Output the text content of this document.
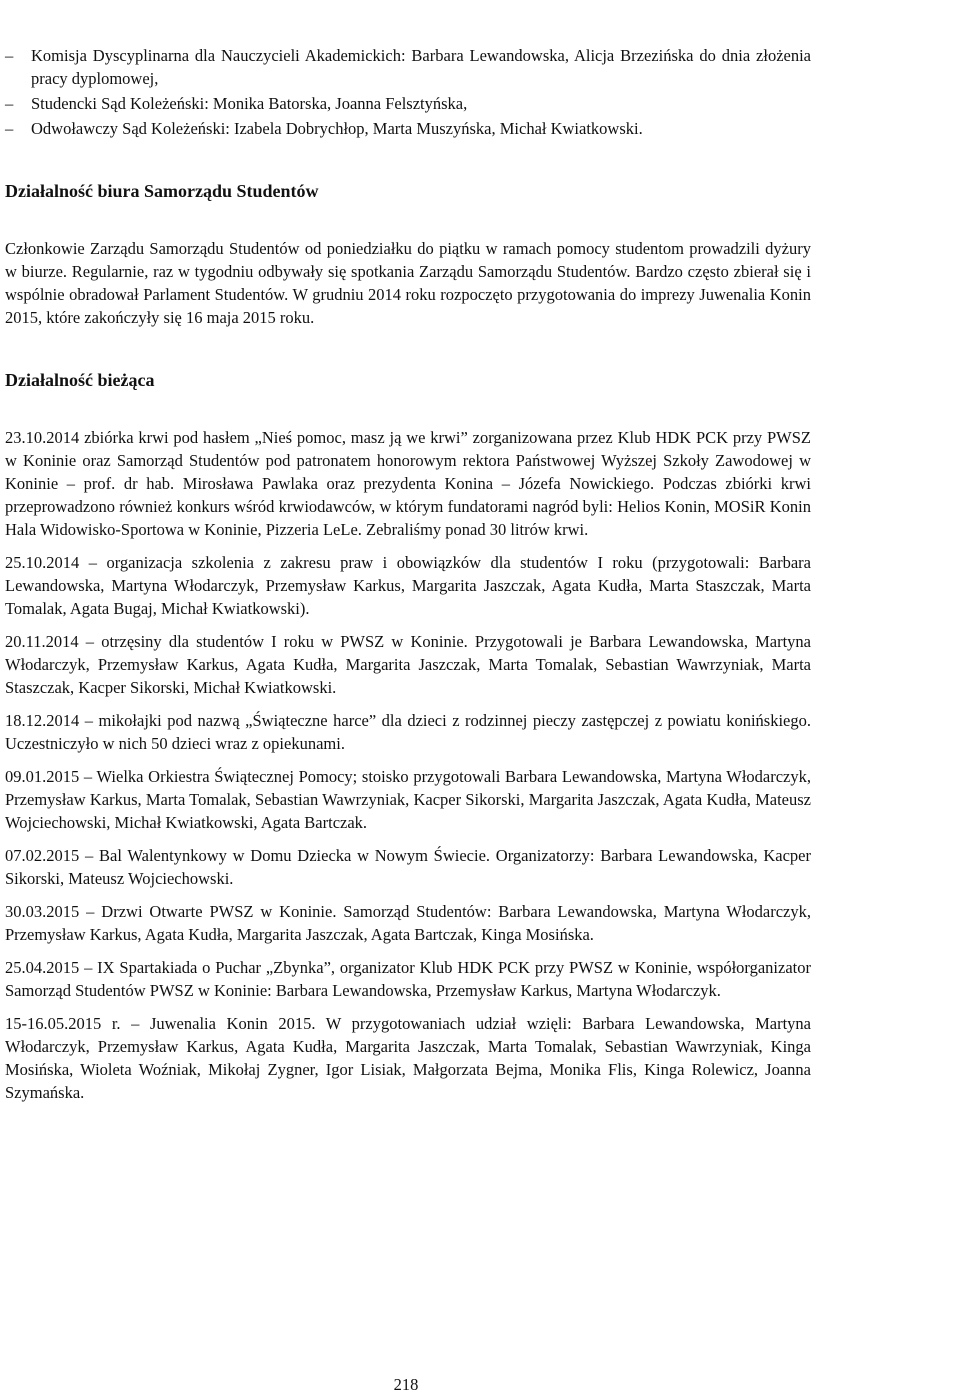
– Komisja Dyscyplinarna dla Nauczycieli Akademickich: Barbara Lewandowska, Alicja Brzezińska do dnia złożenia pracy dyplomowej,
– Studencki Sąd Koleżeński: Monika Batorska, Joanna Felsztyńska,
– Odwoławczy Sąd Koleżeński: Izabela Dobrychłop, Marta Muszyńska, Michał Kwiatkowski.
Działalność biura Samorządu Studentów

Członkowie Zarządu Samorządu Studentów od poniedziałku do piątku w ramach pomocy studentom prowadzili dyżury w biurze. Regularnie, raz w tygodniu odbywały się spotkania Zarządu Samorządu Studentów. Bardzo często zbierał się i wspólnie obradował Parlament Studentów. W grudniu 2014 roku rozpoczęto przygotowania do imprezy Juwenalia Konin 2015, które zakończyły się 16 maja 2015 roku.

Działalność bieżąca

23.10.2014 zbiórka krwi pod hasłem „Nieś pomoc, masz ją we krwi” zorganizowana przez Klub HDK PCK przy PWSZ w Koninie oraz Samorząd Studentów pod patronatem honorowym rektora Państwowej Wyższej Szkoły Zawodowej w Koninie – prof. dr hab. Mirosława Pawlaka oraz prezydenta Konina – Józefa Nowickiego. Podczas zbiórki krwi przeprowadzono również konkurs wśród krwiodawców, w którym fundatorami nagród byli: Helios Konin, MOSiR Konin Hala Widowisko-Sportowa w Koninie, Pizzeria LeLe. Zebraliśmy ponad 30 litrów krwi.

25.10.2014 – organizacja szkolenia z zakresu praw i obowiązków dla studentów I roku (przygotowali: Barbara Lewandowska, Martyna Włodarczyk, Przemysław Karkus, Margarita Jaszczak, Agata Kudła, Marta Staszczak, Marta Tomalak, Agata Bugaj, Michał Kwiatkowski).

20.11.2014 – otrzęsiny dla studentów I roku w PWSZ w Koninie. Przygotowali je Barbara Lewandowska, Martyna Włodarczyk, Przemysław Karkus, Agata Kudła, Margarita Jaszczak, Marta Tomalak, Sebastian Wawrzyniak, Marta Staszczak, Kacper Sikorski, Michał Kwiatkowski.

18.12.2014 – mikołajki pod nazwą „Świąteczne harce” dla dzieci z rodzinnej pieczy zastępczej z powiatu konińskiego. Uczestniczyło w nich 50 dzieci wraz z opiekunami.

09.01.2015 – Wielka Orkiestra Świątecznej Pomocy; stoisko przygotowali Barbara Lewandowska, Martyna Włodarczyk, Przemysław Karkus, Marta Tomalak, Sebastian Wawrzyniak, Kacper Sikorski, Margarita Jaszczak, Agata Kudła, Mateusz Wojciechowski, Michał Kwiatkowski, Agata Bartczak.

07.02.2015 – Bal Walentynkowy w Domu Dziecka w Nowym Świecie. Organizatorzy: Barbara Lewandowska, Kacper Sikorski, Mateusz Wojciechowski.

30.03.2015 – Drzwi Otwarte PWSZ w Koninie. Samorząd Studentów: Barbara Lewandowska, Martyna Włodarczyk, Przemysław Karkus, Agata Kudła, Margarita Jaszczak, Agata Bartczak, Kinga Mosińska.

25.04.2015 – IX Spartakiada o Puchar „Zbynka”, organizator Klub HDK PCK przy PWSZ w Koninie, współorganizator Samorząd Studentów PWSZ w Koninie: Barbara Lewandowska, Przemysław Karkus, Martyna Włodarczyk.

15-16.05.2015 r. – Juwenalia Konin 2015. W przygotowaniach udział wzięli: Barbara Lewandowska, Martyna Włodarczyk, Przemysław Karkus, Agata Kudła, Margarita Jaszczak, Marta Tomalak, Sebastian Wawrzyniak, Kinga Mosińska, Wioleta Woźniak, Mikołaj Zygner, Igor Lisiak, Małgorzata Bejma, Monika Flis, Kinga Rolewicz, Joanna Szymańska.

218
